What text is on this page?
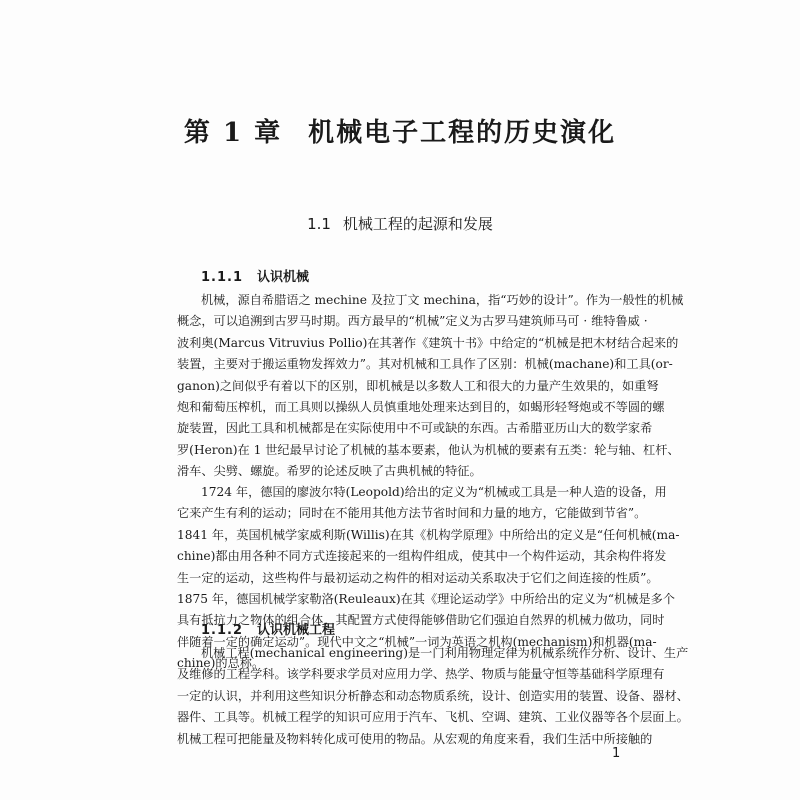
第 1 章 机械电子工程的历史演化
1.1 机械工程的起源和发展
1.1.1 认识机械
机械，源自希腊语之 mechine 及拉丁文 mechina，指“巧妙的设计”。作为一般性的机械
概念，可以追溯到古罗马时期。西方最早的“机械”定义为古罗马建筑师马可 · 维特鲁威 ·
波利奥(Marcus Vitruvius Pollio)在其著作《建筑十书》中给定的“机械是把木材结合起来的
装置，主要对于搬运重物发挥效力”。其对机械和工具作了区别：机械(machane)和工具(or-
ganon)之间似乎有着以下的区别，即机械是以多数人工和很大的力量产生效果的，如重弩
炮和葡萄压榨机，而工具则以操纵人员慎重地处理来达到目的，如蝎形轻弩炮或不等圆的螺
旋装置，因此工具和机械都是在实际使用中不可或缺的东西。古希腊亚历山大的数学家希
罗(Heron)在 1 世纪最早讨论了机械的基本要素，他认为机械的要素有五类：轮与轴、杠杆、
滑车、尖劈、螺旋。希罗的论述反映了古典机械的特征。
1724 年，德国的廖波尔特(Leopold)给出的定义为“机械或工具是一种人造的设备，用
它来产生有利的运动；同时在不能用其他方法节省时间和力量的地方，它能做到节省”。
1841 年，英国机械学家威利斯(Willis)在其《机构学原理》中所给出的定义是“任何机械(ma-
chine)都由用各种不同方式连接起来的一组构件组成，使其中一个构件运动，其余构件将发
生一定的运动，这些构件与最初运动之构件的相对运动关系取决于它们之间连接的性质”。
1875 年，德国机械学家勒洛(Reuleaux)在其《理论运动学》中所给出的定义为“机械是多个
具有抵抗力之物体的组合体，其配置方式使得能够借助它们强迫自然界的机械力做功，同时
伴随着一定的确定运动”。现代中文之“机械”一词为英语之机构(mechanism)和机器(ma-
chine)的总称。
1.1.2 认识机械工程
机械工程(mechanical engineering)是一门利用物理定律为机械系统作分析、设计、生产
及维修的工程学科。该学科要求学员对应用力学、热学、物质与能量守恒等基础科学原理有
一定的认识，并利用这些知识分析静态和动态物质系统，设计、创造实用的装置、设备、器材、
器件、工具等。机械工程学的知识可应用于汽车、飞机、空调、建筑、工业仪器等各个层面上。
机械工程可把能量及物料转化成可使用的物品。从宏观的角度来看，我们生活中所接触的
1
